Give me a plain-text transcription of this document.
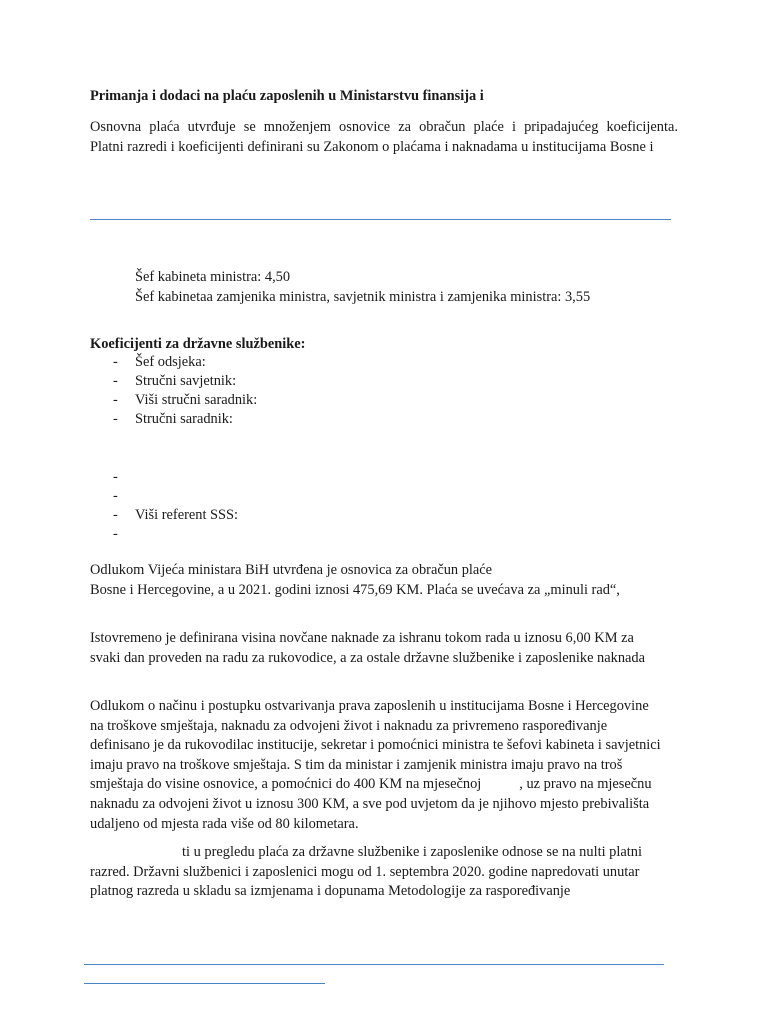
Primanja i dodaci na plaću zaposlenih u Ministarstvu finansija i
Osnovna plaća utvrđuje se množenjem osnovice za obračun plaće i pripadajućeg koeficijenta.
Platni razredi i koeficijenti definirani su Zakonom o plaćama i naknadama u institucijama Bosne i
Šef kabineta ministra: 4,50
Šef kabinetaa zamjenika ministra, savjetnik ministra i zamjenika ministra: 3,55
Koeficijenti za državne službenike:
- Šef odsjeka:
- Stručni savjetnik:
- Viši stručni saradnik:
- Stručni saradnik:
-
-
- Viši referent SSS:
-
Odlukom Vijeća ministara BiH utvrđena je osnovica za obračun plaće
Bosne i Hercegovine, a u 2021. godini iznosi 475,69 KM. Plaća se uvećava za „minuli rad“,
Istovremeno je definirana visina novčane naknade za ishranu tokom rada u iznosu 6,00 KM za
svaki dan proveden na radu za rukovodice, a za ostale državne službenike i zaposlenike naknada
Odlukom o načinu i postupku ostvarivanja prava zaposlenih u institucijama Bosne i Hercegovine
na troškove smještaja, naknadu za odvojeni život i naknadu za privremeno raspoređivanje
definisano je da rukovodilac institucije, sekretar i pomoćnici ministra te šefovi kabineta i savjetnici
imaju pravo na troškove smještaja. S tim da ministar i zamjenik ministra imaju pravo na troš
smještaja do visine osnovice, a pomoćnici do 400 KM na mjesečnoj	, uz pravo na mjesečnu
naknadu za odvojeni život u iznosu 300 KM, a sve pod uvjetom da je njihovo mjesto prebivališta
udaljeno od mjesta rada više od 80 kilometara.
ti u pregledu plaća za državne službenike i zaposlenike odnose se na nulti platni
razred. Državni službenici i zaposlenici mogu od 1. septembra 2020. godine napredovati unutar
platnog razreda u skladu sa izmjenama i dopunama Metodologije za raspoređivanje
